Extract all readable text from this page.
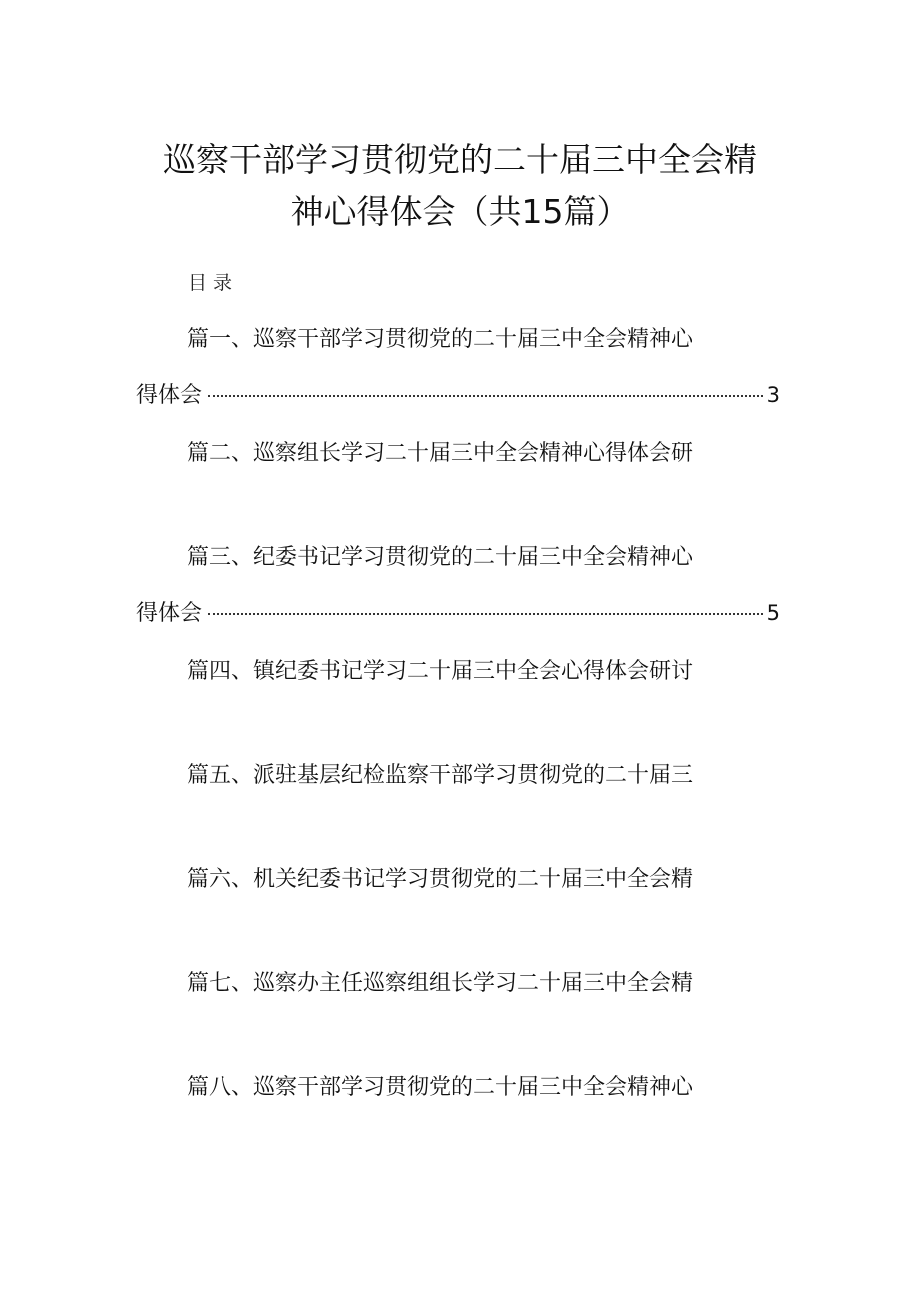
巡察干部学习贯彻党的二十届三中全会精
神心得体会（共15篇）
目录
篇一、巡察干部学习贯彻党的二十届三中全会精神心
得体会	3
篇二、巡察组长学习二十届三中全会精神心得体会研
篇三、纪委书记学习贯彻党的二十届三中全会精神心
得体会	5
篇四、镇纪委书记学习二十届三中全会心得体会研讨
篇五、派驻基层纪检监察干部学习贯彻党的二十届三
篇六、机关纪委书记学习贯彻党的二十届三中全会精
篇七、巡察办主任巡察组组长学习二十届三中全会精
篇八、巡察干部学习贯彻党的二十届三中全会精神心
